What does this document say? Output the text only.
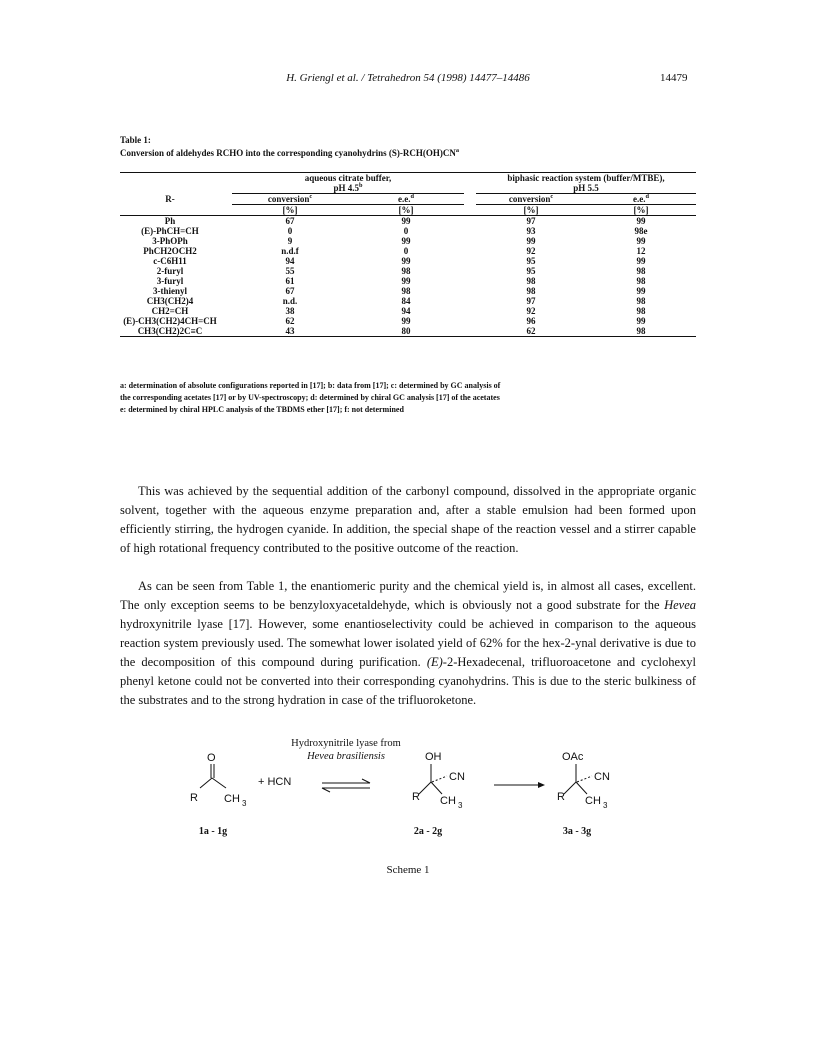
H. Griengl et al. / Tetrahedron 54 (1998) 14477–14486	14479
Table 1:
Conversion of aldehydes RCHO into the corresponding cyanohydrins $(S)-RCH(OH)CN^a$
		aqueous citrate buffer,			biphasic reaction system (buffer/MTBE),	
		pH 4.5$^b$			pH 5.5	
R-		conversion$^c$	e.e.$^d$		conversion$^c$	e.e.$^d$
		[%]	[%]		[%]	[%]
Ph		67	99		97	99
(E)-PhCH=CH		0	0		93	98e
3-PhOPh		9	99		99	99
PhCH2OCH2		n.d.f	0		92	12
c-C6H11		94	99		95	99
2-furyl		55	98		95	98
3-furyl		61	99		98	98
3-thienyl		67	98		98	99
CH3(CH2)4		n.d.	84		97	98
CH2=CH		38	94		92	98
(E)-CH3(CH2)4CH=CH		62	99		96	99
CH3(CH2)2C≡C		43	80		62	98
a: determination of absolute configurations reported in [17]; b: data from [17]; c: determined by GC analysis of
the corresponding acetates [17] or by UV-spectroscopy; d: determined by chiral GC analysis [17] of the acetates
e: determined by chiral HPLC analysis of the TBDMS ether [17]; f: not determined
This was achieved by the sequential addition of the carbonyl compound, dissolved in the appropriate organic solvent, together with the aqueous enzyme preparation and, after a stable emulsion had been formed upon efficiently stirring, the hydrogen cyanide. In addition, the special shape of the reaction vessel and a stirrer capable of high rotational frequency contributed to the positive outcome of the reaction.
As can be seen from Table 1, the enantiomeric purity and the chemical yield is, in almost all cases, excellent. The only exception seems to be benzyloxyacetaldehyde, which is obviously not a good substrate for the Hevea hydroxynitrile lyase [17]. However, some enantioselectivity could be achieved in comparison to the aqueous reaction system previously used. The somewhat lower isolated yield of 62% for the hex-2-ynal derivative is due to the decomposition of this compound during purification. (E)-2-Hexadecenal, trifluoroacetone and cyclohexyl phenyl ketone could not be converted into their corresponding cyanohydrins. This is due to the steric bulkiness of the substrates and to the strong hydration in case of the trifluoroketone.
Hydroxynitrile lyase from
Hevea brasiliensis
O
R CH 3
+ HCN
OH
CN
R CH 3
OAc
CN
R CH 3
1a - 1g	2a - 2g	3a - 3g
Scheme 1
